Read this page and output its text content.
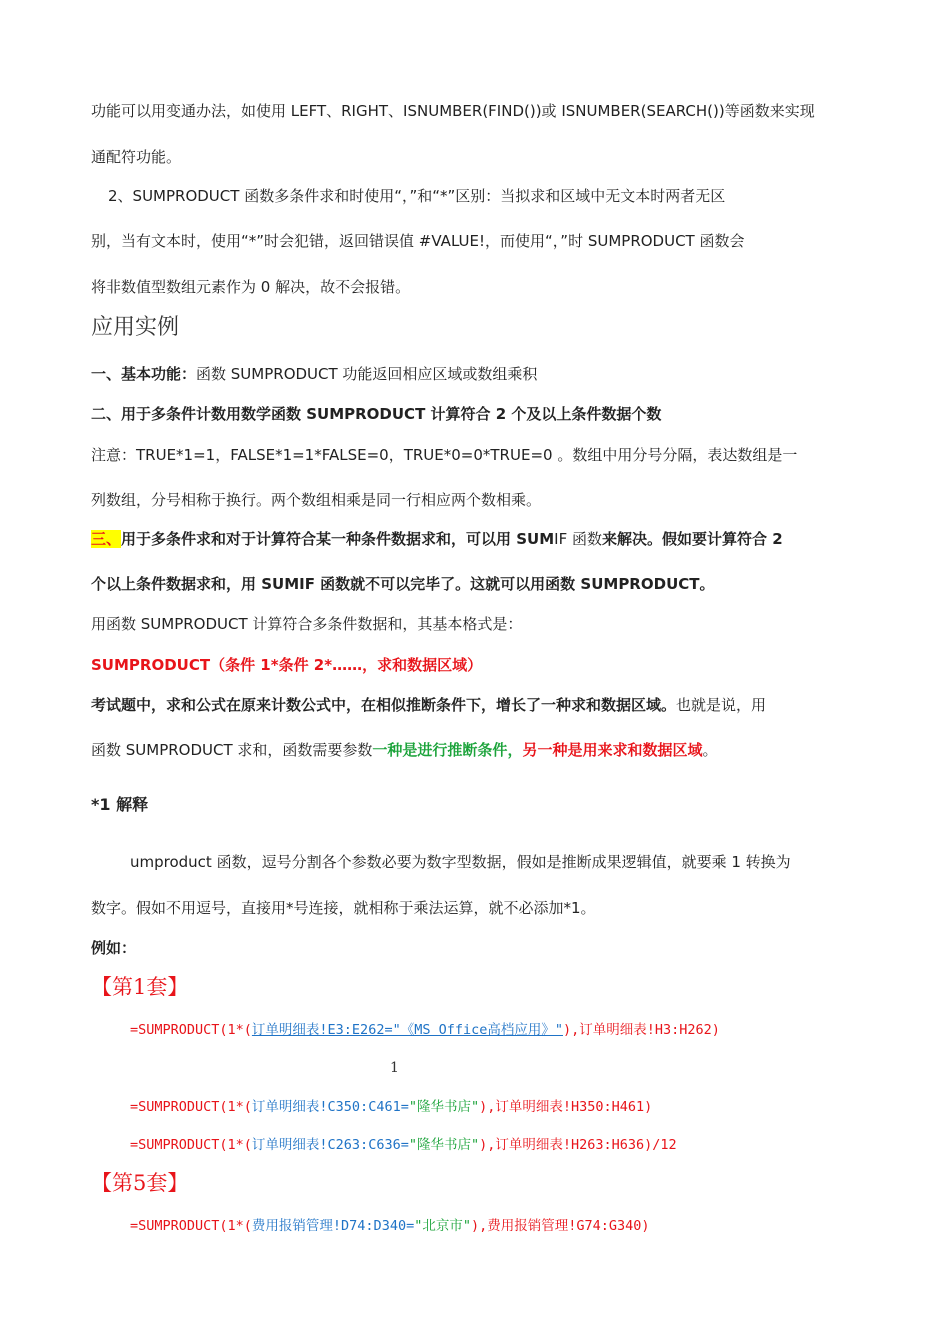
功能可以用变通办法，如使用 LEFT、RIGHT、ISNUMBER(FIND())或 ISNUMBER(SEARCH())等函数来实现
通配符功能。
2、SUMPRODUCT 函数多条件求和时使用“，”和“*”区别：当拟求和区域中无文本时两者无区
别，当有文本时，使用“*”时会犯错，返回错误值 #VALUE!，而使用“，”时 SUMPRODUCT 函数会
将非数值型数组元素作为 0 解决，故不会报错。
应用实例
一、基本功能：函数 SUMPRODUCT 功能返回相应区域或数组乘积
二、用于多条件计数用数学函数 SUMPRODUCT 计算符合 2 个及以上条件数据个数
注意：TRUE*1=1，FALSE*1=1*FALSE=0，TRUE*0=0*TRUE=0 。数组中用分号分隔，表达数组是一
列数组，分号相称于换行。两个数组相乘是同一行相应两个数相乘。
三、用于多条件求和对于计算符合某一种条件数据求和，可以用 SUMIF 函数来解决。假如要计算符合 2
个以上条件数据求和，用 SUMIF 函数就不可以完毕了。这就可以用函数 SUMPRODUCT。
用函数 SUMPRODUCT 计算符合多条件数据和，其基本格式是：
SUMPRODUCT（条件 1*条件 2*……，求和数据区域）
考试题中，求和公式在原来计数公式中，在相似推断条件下，增长了一种求和数据区域。也就是说，用
函数 SUMPRODUCT 求和，函数需要参数一种是进行推断条件，另一种是用来求和数据区域。
*1 解释
umproduct 函数，逗号分割各个参数必要为数字型数据，假如是推断成果逻辑值，就要乘 1 转换为
数字。假如不用逗号，直接用*号连接，就相称于乘法运算，就不必添加*1。
例如：
【第1套】
=SUMPRODUCT(1*(订单明细表!E3:E262="《MS Office高档应用》"),订单明细表!H3:H262)
1
=SUMPRODUCT(1*(订单明细表!C350:C461="隆华书店"),订单明细表!H350:H461)
=SUMPRODUCT(1*(订单明细表!C263:C636="隆华书店"),订单明细表!H263:H636)/12
【第5套】
=SUMPRODUCT(1*(费用报销管理!D74:D340="北京市"),费用报销管理!G74:G340)
